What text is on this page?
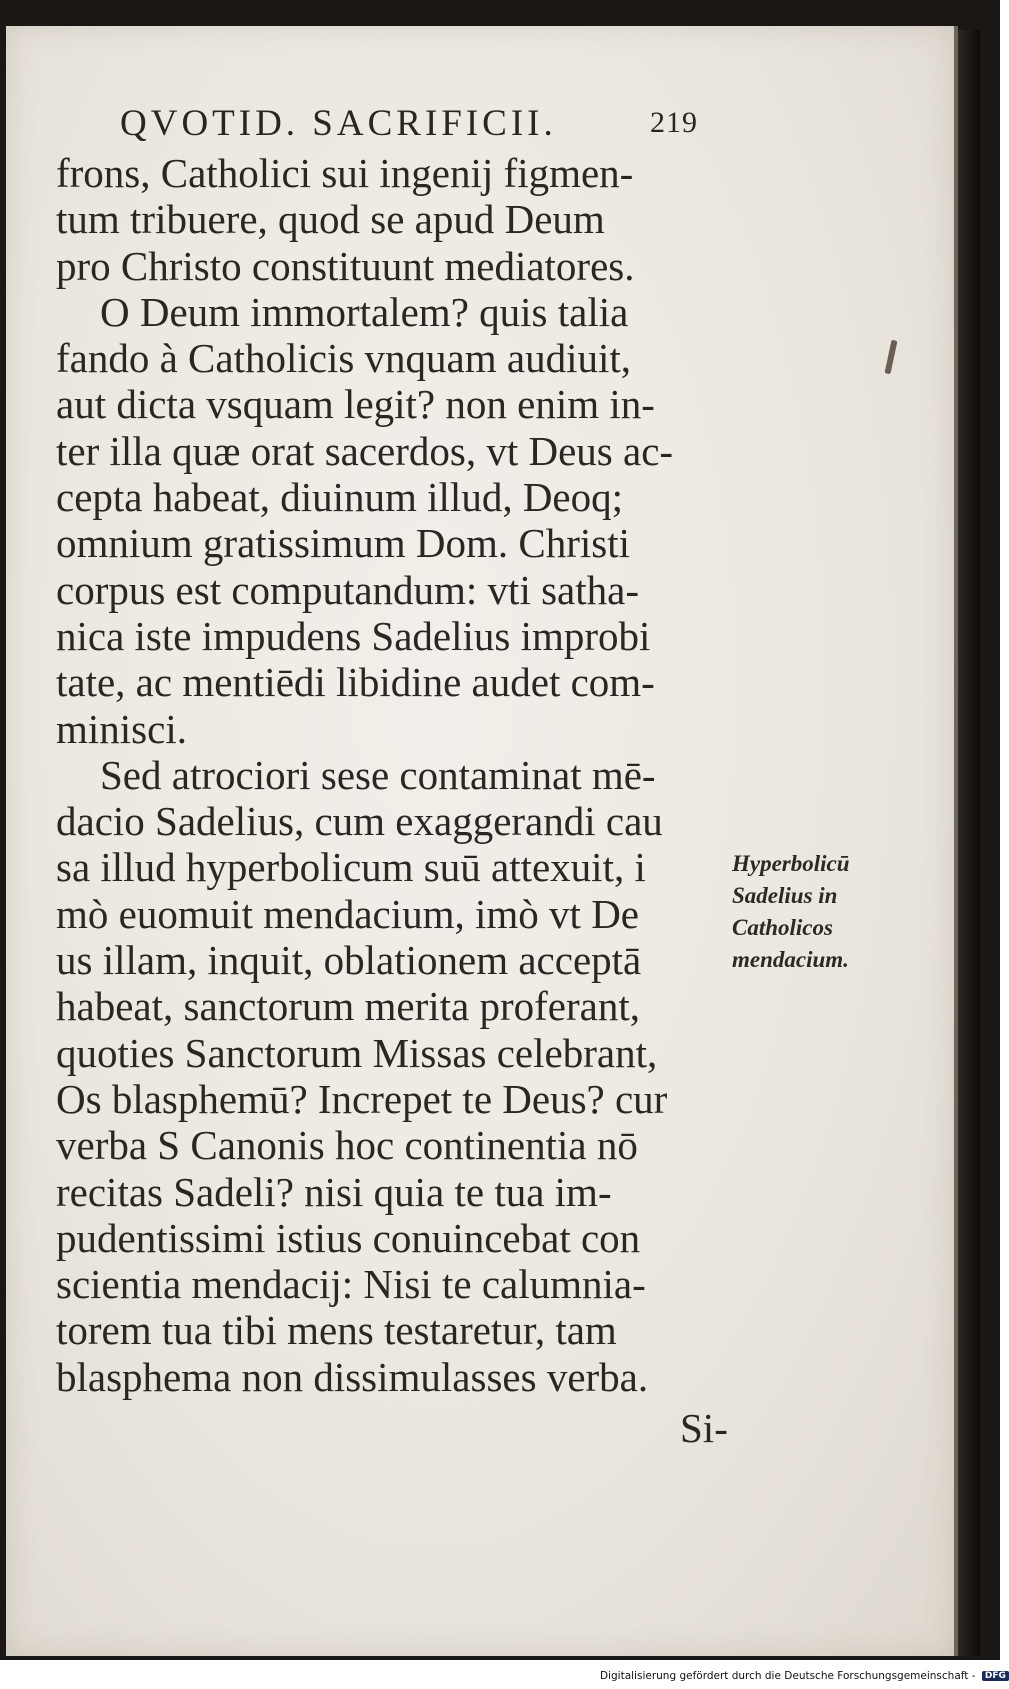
QVOTID. SACRIFICII.	219
frons, Catholici sui ingenij figmen-
tum tribuere, quod se apud Deum
pro Christo constituunt mediatores.
O Deum immortalem? quis talia
fando à Catholicis vnquam audiuit,
aut dicta vsquam legit? non enim in-
ter illa quæ orat sacerdos, vt Deus ac-
cepta habeat, diuinum illud, Deoq;
omnium gratissimum Dom. Christi
corpus est computandum: vti satha-
nica iste impudens Sadelius improbi
tate, ac mentiēdi libidine audet com-
minisci.
Sed atrociori sese contaminat mē-
dacio Sadelius, cum exaggerandi cau
sa illud hyperbolicum suū attexuit, i
mò euomuit mendacium, imò vt De
us illam, inquit, oblationem acceptā
habeat, sanctorum merita proferant,
quoties Sanctorum Missas celebrant,
Os blasphemū? Increpet te Deus? cur
verba S Canonis hoc continentia nō
recitas Sadeli? nisi quia te tua im-
pudentissimi istius conuincebat con
scientia mendacij: Nisi te calumnia-
torem tua tibi mens testaretur, tam
blasphema non dissimulasses verba.
Si-
Hyperbolicū
Sadelius in
Catholicos
mendacium.
Digitalisierung gefördert durch die Deutsche Forschungsgemeinschaft - DFG
